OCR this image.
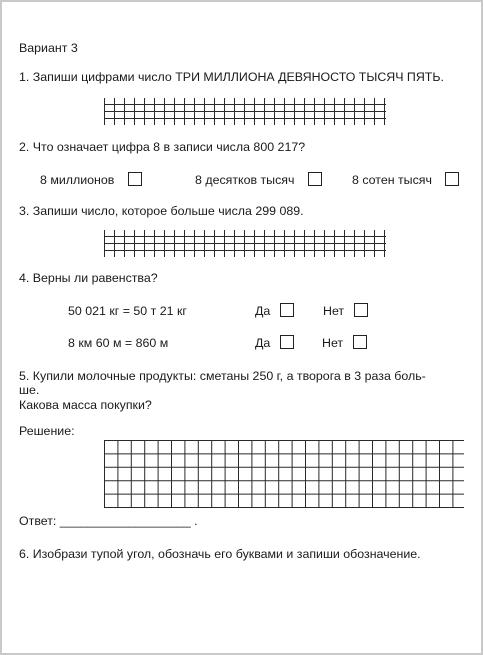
Вариант 3
1. Запиши цифрами число ТРИ МИЛЛИОНА ДЕВЯНОСТО ТЫСЯЧ ПЯТЬ.
2. Что означает цифра 8 в записи числа 800 217?
8 миллионов	8 десятков тысяч	8 сотен тысяч
3. Запиши число, которое больше числа 299 089.
4. Верны ли равенства?
50 021 кг = 50 т 21 кг	Да	Нет
8 км 60 м = 860 м	Да	Нет
5. Купили молочные продукты: сметаны 250 г, а творога в 3 раза боль-
ше.
Какова масса покупки?
Решение:
Ответ: ___________________ .
6. Изобрази тупой угол, обозначь его буквами и запиши обозначение.
